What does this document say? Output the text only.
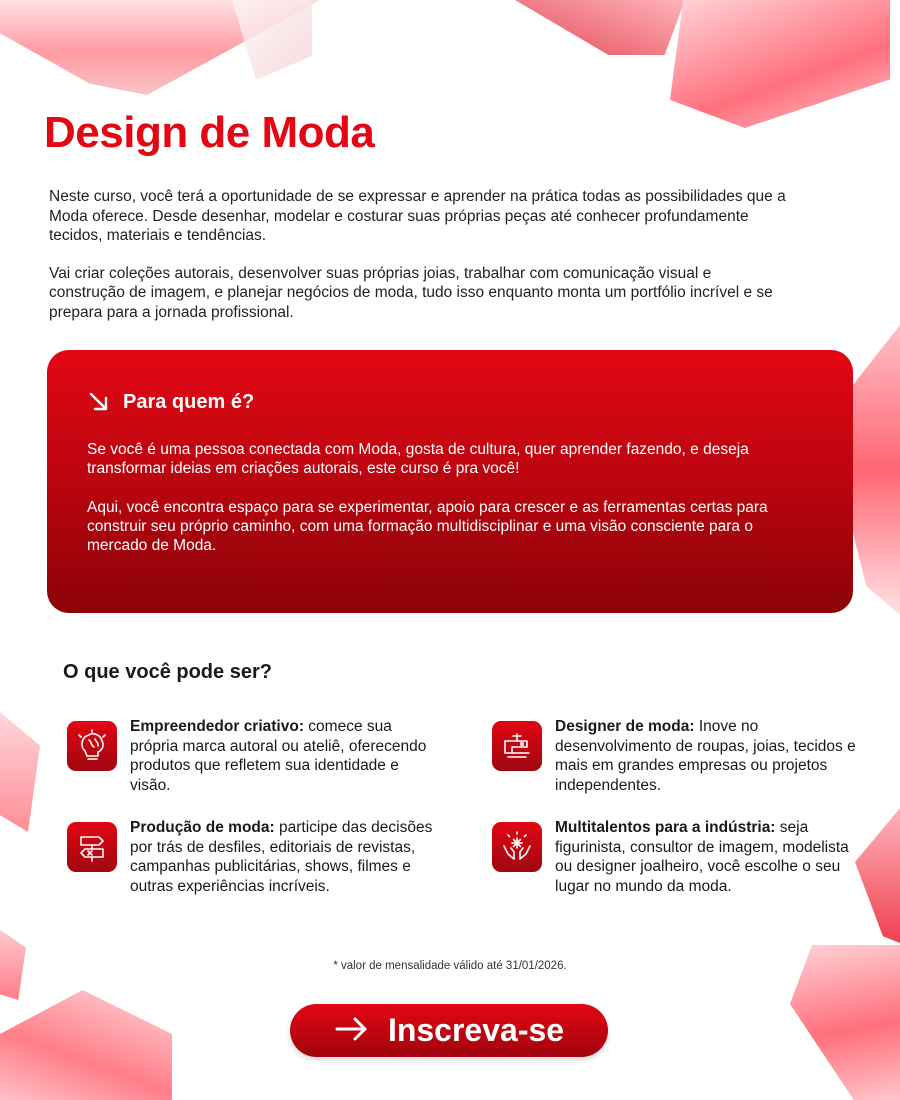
Design de Moda

Neste curso, você terá a oportunidade de se expressar e aprender na prática todas as possibilidades que a Moda oferece. Desde desenhar, modelar e costurar suas próprias peças até conhecer profundamente tecidos, materiais e tendências.

Vai criar coleções autorais, desenvolver suas próprias joias, trabalhar com comunicação visual e construção de imagem, e planejar negócios de moda, tudo isso enquanto monta um portfólio incrível e se prepara para a jornada profissional.

Para quem é?

Se você é uma pessoa conectada com Moda, gosta de cultura, quer aprender fazendo, e deseja transformar ideias em criações autorais, este curso é pra você!

Aqui, você encontra espaço para se experimentar, apoio para crescer e as ferramentas certas para construir seu próprio caminho, com uma formação multidisciplinar e uma visão consciente para o mercado de Moda.

O que você pode ser?
Empreendedor criativo: comece sua própria marca autoral ou ateliê, oferecendo produtos que refletem sua identidade e visão.
Designer de moda: Inove no desenvolvimento de roupas, joias, tecidos e mais em grandes empresas ou projetos independentes.
Produção de moda: participe das decisões por trás de desfiles, editoriais de revistas, campanhas publicitárias, shows, filmes e outras experiências incríveis.
Multitalentos para a indústria: seja figurinista, consultor de imagem, modelista ou designer joalheiro, você escolhe o seu lugar no mundo da moda.
* valor de mensalidade válido até 31/01/2026.
Inscreva-se
